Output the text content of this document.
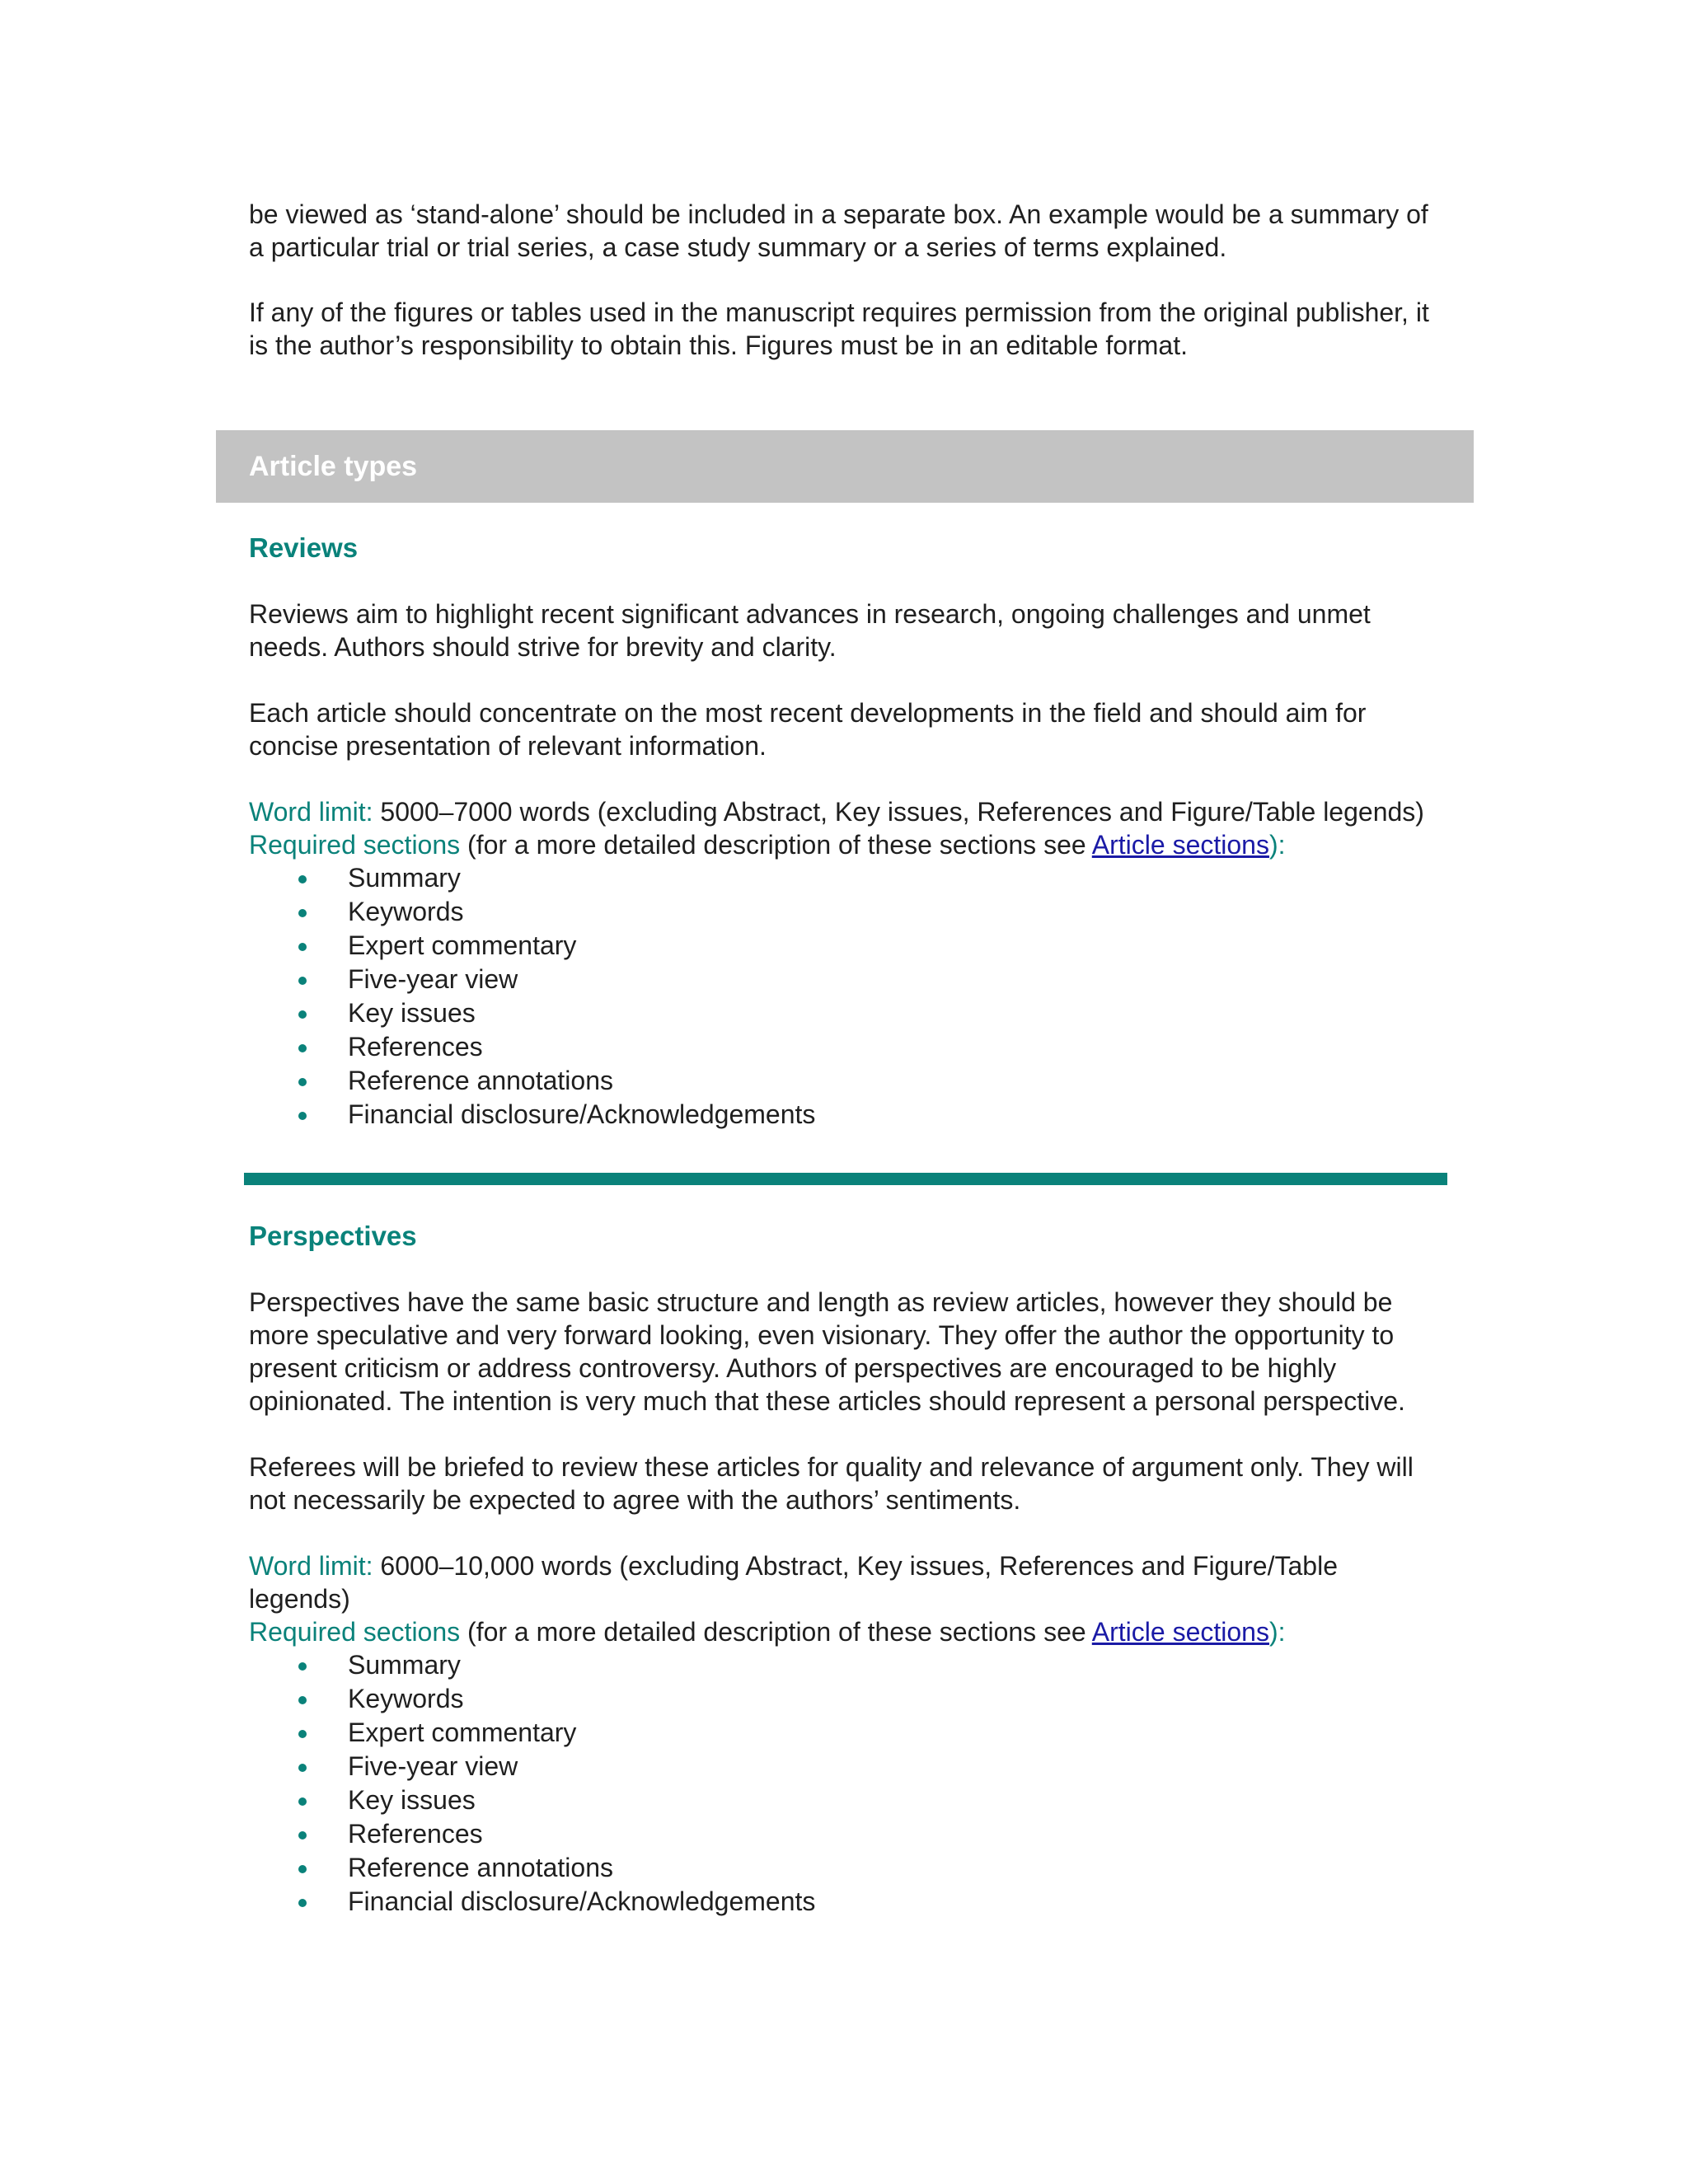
be viewed as ‘stand-alone’ should be included in a separate box. An example would be a summary of a particular trial or trial series, a case study summary or a series of terms explained.

If any of the figures or tables used in the manuscript requires permission from the original publisher, it is the author’s responsibility to obtain this. Figures must be in an editable format.

Article types
Reviews

Reviews aim to highlight recent significant advances in research, ongoing challenges and unmet needs. Authors should strive for brevity and clarity.

Each article should concentrate on the most recent developments in the field and should aim for concise presentation of relevant information.

Word limit: 5000–7000 words (excluding Abstract, Key issues, References and Figure/Table legends)

Required sections (for a more detailed description of these sections see Article sections):

Summary
Keywords
Expert commentary
Five-year view
Key issues
References
Reference annotations
Financial disclosure/Acknowledgements
Perspectives

Perspectives have the same basic structure and length as review articles, however they should be more speculative and very forward looking, even visionary. They offer the author the opportunity to present criticism or address controversy. Authors of perspectives are encouraged to be highly opinionated. The intention is very much that these articles should represent a personal perspective.

Referees will be briefed to review these articles for quality and relevance of argument only. They will not necessarily be expected to agree with the authors’ sentiments.

Word limit: 6000–10,000 words (excluding Abstract, Key issues, References and Figure/Table legends)

Required sections (for a more detailed description of these sections see Article sections):

Summary
Keywords
Expert commentary
Five-year view
Key issues
References
Reference annotations
Financial disclosure/Acknowledgements
